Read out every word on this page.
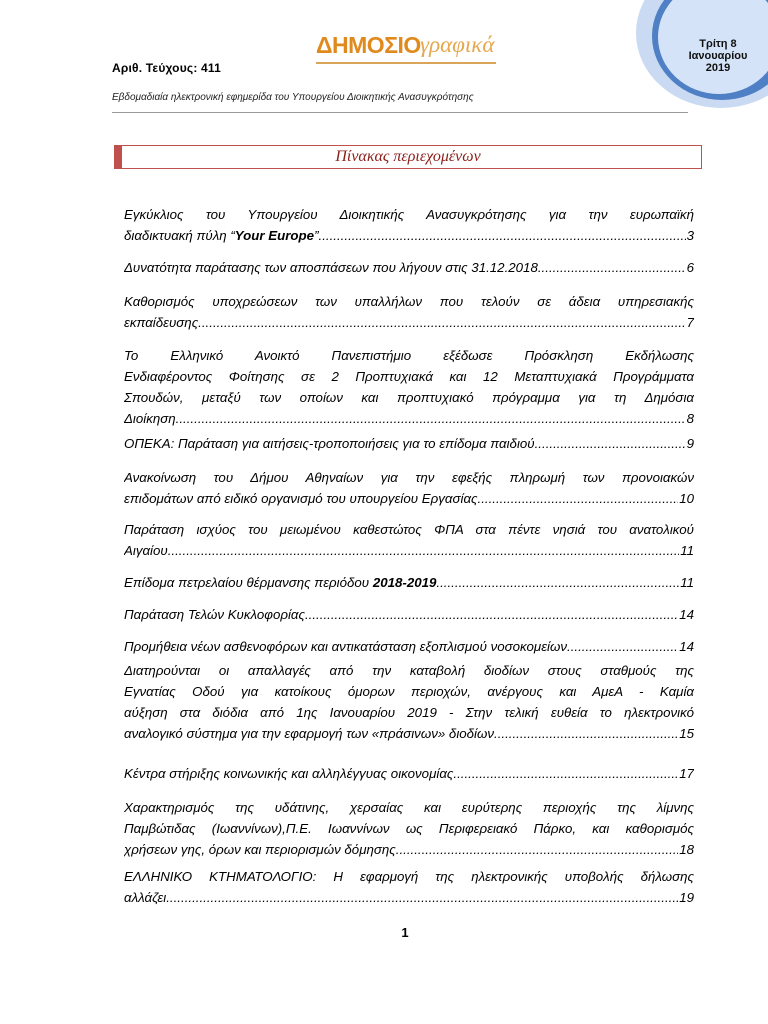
Αριθ. Τεύχους: 411
ΔΗΜΟΣΙΟ γραφικά
Εβδομαδιαία ηλεκτρονική εφημερίδα του Υπουργείου Διοικητικής Ανασυγκρότησης
Τρίτη 8
Ιανουαρίου
2019
Πίνακας περιεχομένων
Εγκύκλιος του Υπουργείου Διοικητικής Ανασυγκρότησης για την ευρωπαϊκή
διαδικτυακή πύλη “Your Europe” .....	3
Δυνατότητα παράτασης των αποσπάσεων που λήγουν στις 31.12.2018 .....	6
Καθορισμός υποχρεώσεων των υπαλλήλων που τελούν σε άδεια υπηρεσιακής
εκπαίδευσης .....	7
Το Ελληνικό Ανοικτό Πανεπιστήμιο εξέδωσε Πρόσκληση Εκδήλωσης
Ενδιαφέροντος Φοίτησης σε 2 Προπτυχιακά και 12 Μεταπτυχιακά Προγράμματα
Σπουδών, μεταξύ των οποίων και προπτυχιακό πρόγραμμα για τη Δημόσια
Διοίκηση .....	8
ΟΠΕΚΑ: Παράταση για αιτήσεις-τροποποιήσεις για το επίδομα παιδιού .....	9
Ανακοίνωση του Δήμου Αθηναίων για την εφεξής πληρωμή των προνοιακών
επιδομάτων από ειδικό οργανισμό του υπουργείου Εργασίας .....	10
Παράταση ισχύος του μειωμένου καθεστώτος ΦΠΑ στα πέντε νησιά του ανατολικού
Αιγαίου .....	11
Επίδομα πετρελαίου θέρμανσης περιόδου 2018-2019 .....	11
Παράταση Τελών Κυκλοφορίας .....	14
Προμήθεια νέων ασθενοφόρων και αντικατάσταση εξοπλισμού νοσοκομείων .....	14
Διατηρούνται οι απαλλαγές από την καταβολή διοδίων στους σταθμούς της
Εγνατίας Οδού για κατοίκους όμορων περιοχών, ανέργους και ΑμεΑ - Καμία
αύξηση στα διόδια από 1ης Ιανουαρίου 2019 - Στην τελική ευθεία το ηλεκτρονικό
αναλογικό σύστημα για την εφαρμογή των «πράσινων» διοδίων .....	15
Κέντρα στήριξης κοινωνικής και αλληλέγγυας οικονομίας .....	17
Χαρακτηρισμός της υδάτινης, χερσαίας και ευρύτερης περιοχής της λίμνης
Παμβώτιδας (Ιωαννίνων),Π.Ε. Ιωαννίνων ως Περιφερειακό Πάρκο, και καθορισμός
χρήσεων γης, όρων και περιορισμών δόμησης .....	18
ΕΛΛΗΝΙΚΟ ΚΤΗΜΑΤΟΛΟΓΙΟ: Η εφαρμογή της ηλεκτρονικής υποβολής δήλωσης
αλλάζει .....	19
1
